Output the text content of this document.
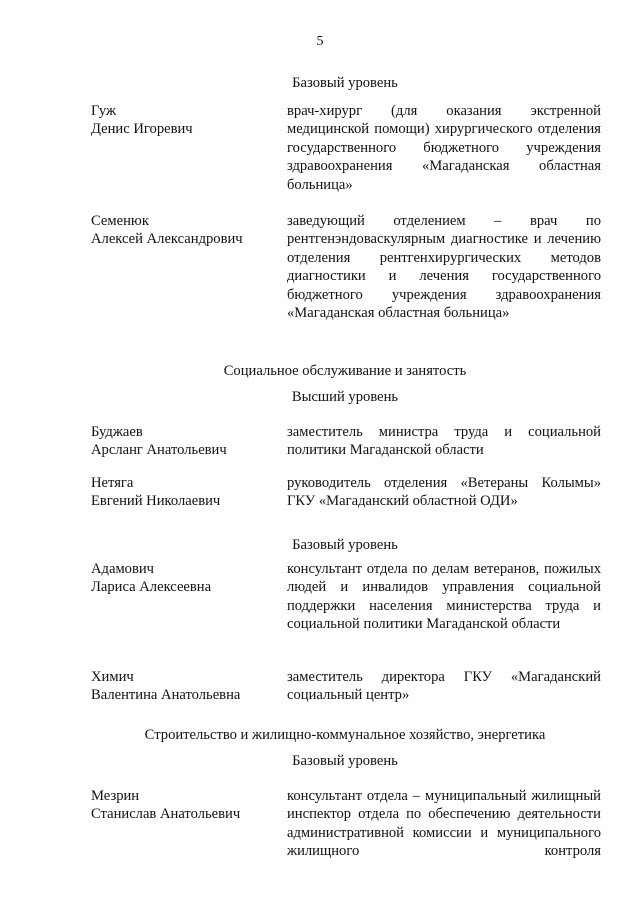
5
Базовый уровень
Гуж
Денис Игоревич
врач-хирург (для оказания экстренной медицинской помощи) хирургического отделения государственного бюджетного учреждения здравоохранения «Магаданская областная больница»
Семенюк
Алексей Александрович
заведующий отделением – врач по рентгенэндоваскулярным диагностике и лечению отделения рентгенхирургических методов диагностики и лечения государственного бюджетного учреждения здравоохранения «Магаданская областная больница»
Социальное обслуживание и занятость
Высший уровень
Буджаев
Арсланг Анатольевич
заместитель министра труда и социальной политики Магаданской области
Нетяга
Евгений Николаевич
руководитель отделения «Ветераны Колымы» ГКУ «Магаданский областной ОДИ»
Базовый уровень
Адамович
Лариса Алексеевна
консультант отдела по делам ветеранов, пожилых людей и инвалидов управления социальной поддержки населения министерства труда и социальной политики Магаданской области
Химич
Валентина Анатольевна
заместитель директора ГКУ «Магаданский социальный центр»
Строительство и жилищно-коммунальное хозяйство, энергетика
Базовый уровень
Мезрин
Станислав Анатольевич
консультант отдела – муниципальный жилищный инспектор отдела по обеспечению деятельности административной комиссии и муниципального жилищного контроля
